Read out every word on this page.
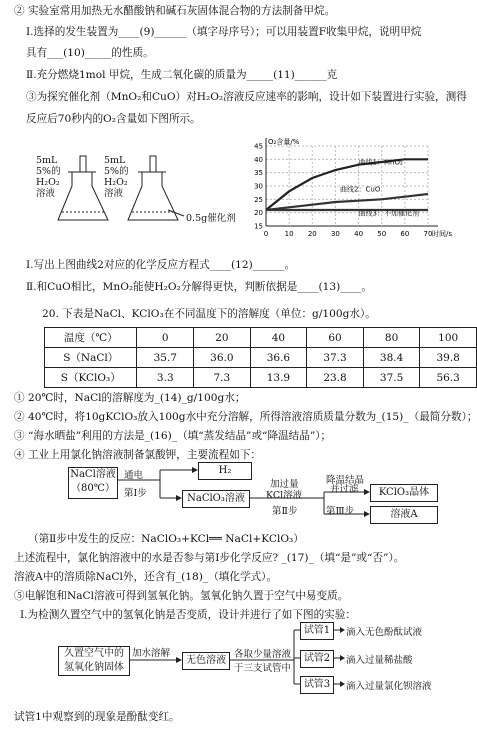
② 实验室常用加热无水醋酸钠和碱石灰固体混合物的方法制备甲烷。
Ⅰ.选择的发生装置为____(9)______（填字母序号）；可以用装置F收集甲烷，说明甲烷
具有___(10)_____的性质。
Ⅱ.充分燃烧1mol 甲烷，生成二氧化碳的质量为_____(11)______克
③为探究催化剂（MnO₂和CuO）对H₂O₂溶液反应速率的影响，设计如下装置进行实验，测得
反应后70秒内的O₂含量如下图所示。
5mL
5%的
H₂O₂
溶液
5mL
5%的
H₂O₂
溶液
0.5g催化剂
0 10 20 30 40 50 60 70
15
20
25
30
35
40
45
O₂含量/%
时间/s
曲线1：MnO₂
曲线2：CuO
曲线3：不加催化剂
Ⅰ.写出上图曲线2对应的化学反应方程式____(12)______。
Ⅱ.和CuO相比，MnO₂能使H₂O₂分解得更快，判断依据是____(13)____。
20. 下表是NaCl、KClO₃在不同温度下的溶解度（单位：g/100g水）。
温度（℃）	0	20	40	60	80	100
S（NaCl）	35.7	36.0	36.6	37.3	38.4	39.8
S（KClO₃）	3.3	7.3	13.9	23.8	37.5	56.3
① 20℃时，NaCl的溶解度为_(14)_g/100g水；
② 40℃时，将10gKClO₃放入100g水中充分溶解，所得溶液溶质质量分数为_(15)_（最简分数）；
③ “海水晒盐”利用的方法是_(16)_（填“蒸发结晶”或“降温结晶”）；
④ 工业上用氯化钠溶液制备氯酸钾，主要流程如下：
NaCl溶液
（80℃）
通电
第Ⅰ步
H₂
NaClO₃溶液
加过量
KCl溶液
第Ⅱ步
降温结晶
并过滤
第Ⅲ步
KClO₃晶体
溶液A
（第Ⅱ步中发生的反应：NaClO₃+KCl══ NaCl+KClO₃）
上述流程中，氯化钠溶液中的水是否参与第Ⅰ步化学反应? _(17)_（填“是”或“否”）。
溶液A中的溶质除NaCl外，还含有_(18)_（填化学式）。
⑤电解饱和NaCl溶液可得到氢氧化钠。氢氧化钠久置于空气中易变质。
Ⅰ.为检测久置空气中的氢氧化钠是否变质，设计并进行了如下图的实验：
久置空气中的
氢氧化钠固体
加水溶解
无色溶液
各取少量溶液
于三支试管中
试管1
试管2
试管3
滴入无色酚酞试液
滴入过量稀盐酸
滴入过量氯化钡溶液
试管1中观察到的现象是酚酞变红。
